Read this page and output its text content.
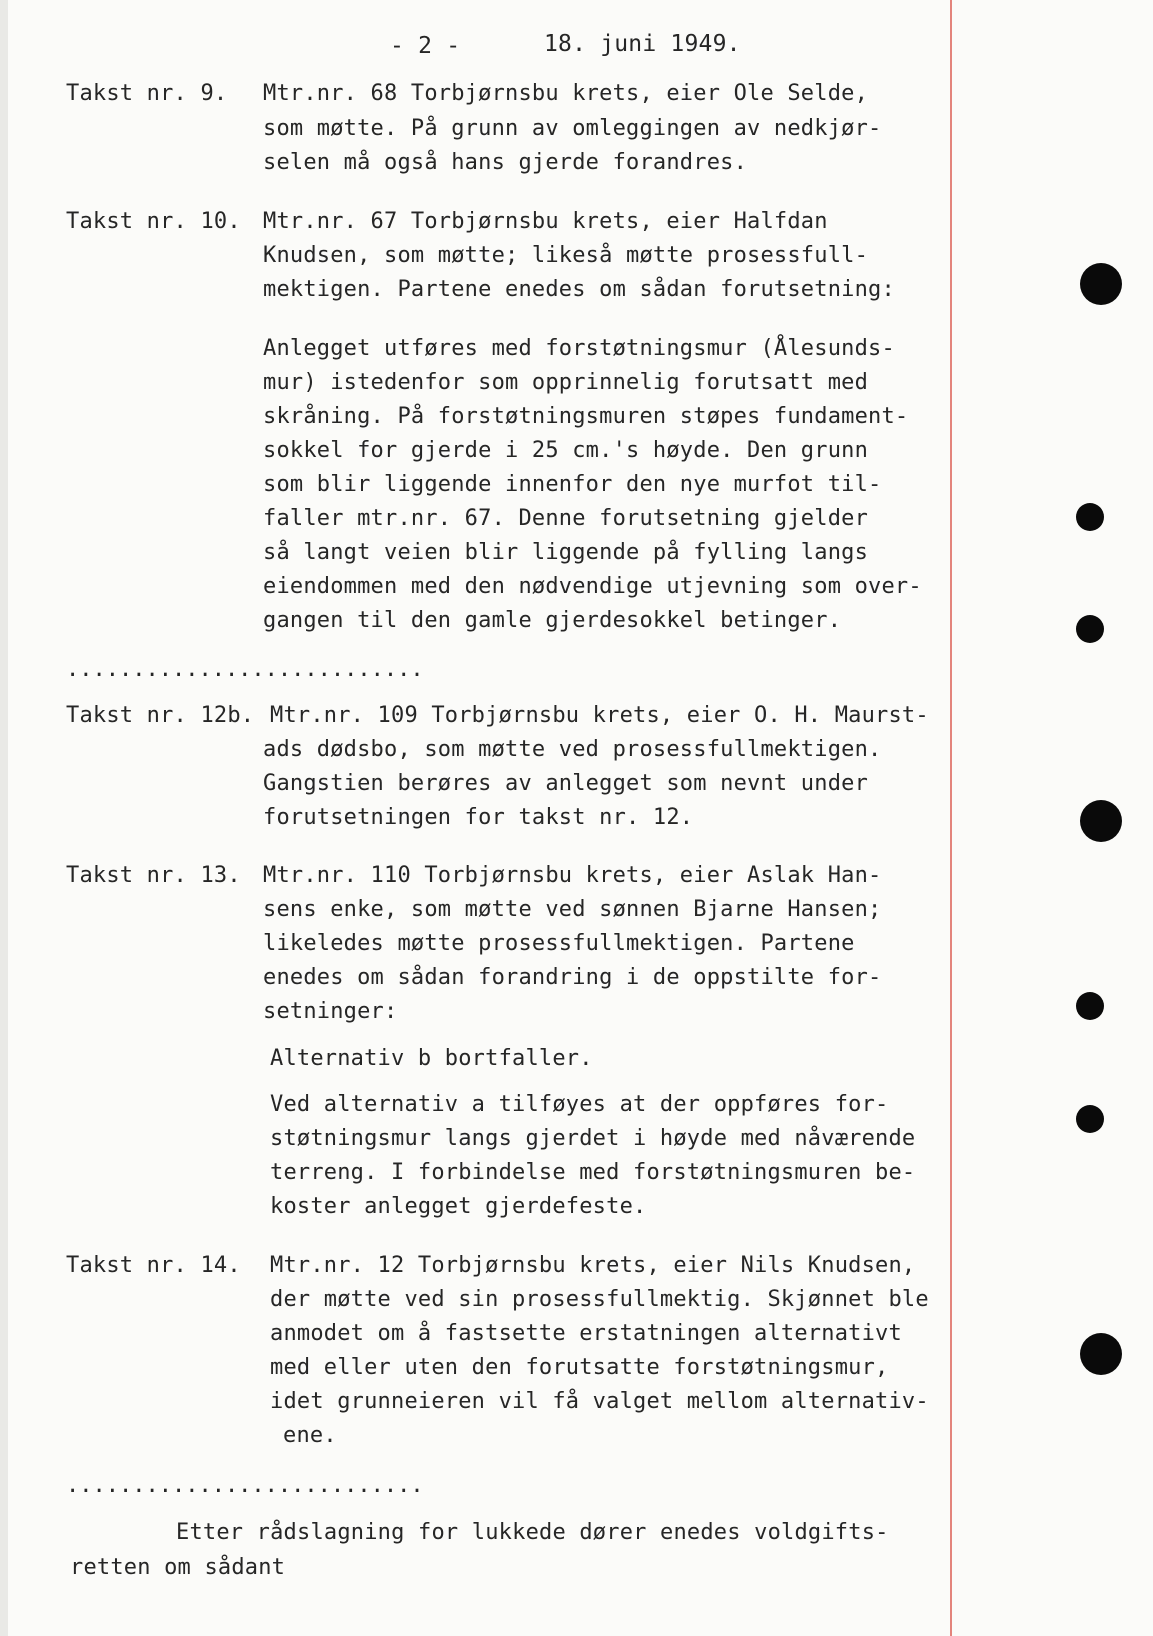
- 2 -	18. juni 1949.
Takst nr. 9. Mtr.nr. 68 Torbjørnsbu krets, eier Ole Selde,
som møtte. På grunn av omleggingen av nedkjør-
selen må også hans gjerde forandres.
Takst nr. 10. Mtr.nr. 67 Torbjørnsbu krets, eier Halfdan
Knudsen, som møtte; likeså møtte prosessfull-
mektigen. Partene enedes om sådan forutsetning:
Anlegget utføres med forstøtningsmur (Ålesunds-
mur) istedenfor som opprinnelig forutsatt med
skråning. På forstøtningsmuren støpes fundament-
sokkel for gjerde i 25 cm.'s høyde. Den grunn
som blir liggende innenfor den nye murfot til-
faller mtr.nr. 67. Denne forutsetning gjelder
så langt veien blir liggende på fylling langs
eiendommen med den nødvendige utjevning som over-
gangen til den gamle gjerdesokkel betinger.
...........................
Takst nr. 12b. Mtr.nr. 109 Torbjørnsbu krets, eier O. H. Maurst-
ads dødsbo, som møtte ved prosessfullmektigen.
Gangstien berøres av anlegget som nevnt under
forutsetningen for takst nr. 12.
Takst nr. 13. Mtr.nr. 110 Torbjørnsbu krets, eier Aslak Han-
sens enke, som møtte ved sønnen Bjarne Hansen;
likeledes møtte prosessfullmektigen. Partene
enedes om sådan forandring i de oppstilte for-
setninger:
Alternativ b bortfaller.
Ved alternativ a tilføyes at der oppføres for-
støtningsmur langs gjerdet i høyde med nåværende
terreng. I forbindelse med forstøtningsmuren be-
koster anlegget gjerdefeste.
Takst nr. 14. Mtr.nr. 12 Torbjørnsbu krets, eier Nils Knudsen,
der møtte ved sin prosessfullmektig. Skjønnet ble
anmodet om å fastsette erstatningen alternativt
med eller uten den forutsatte forstøtningsmur,
idet grunneieren vil få valget mellom alternativ-
ene.
...........................
Etter rådslagning for lukkede dører enedes voldgifts-
retten om sådant
